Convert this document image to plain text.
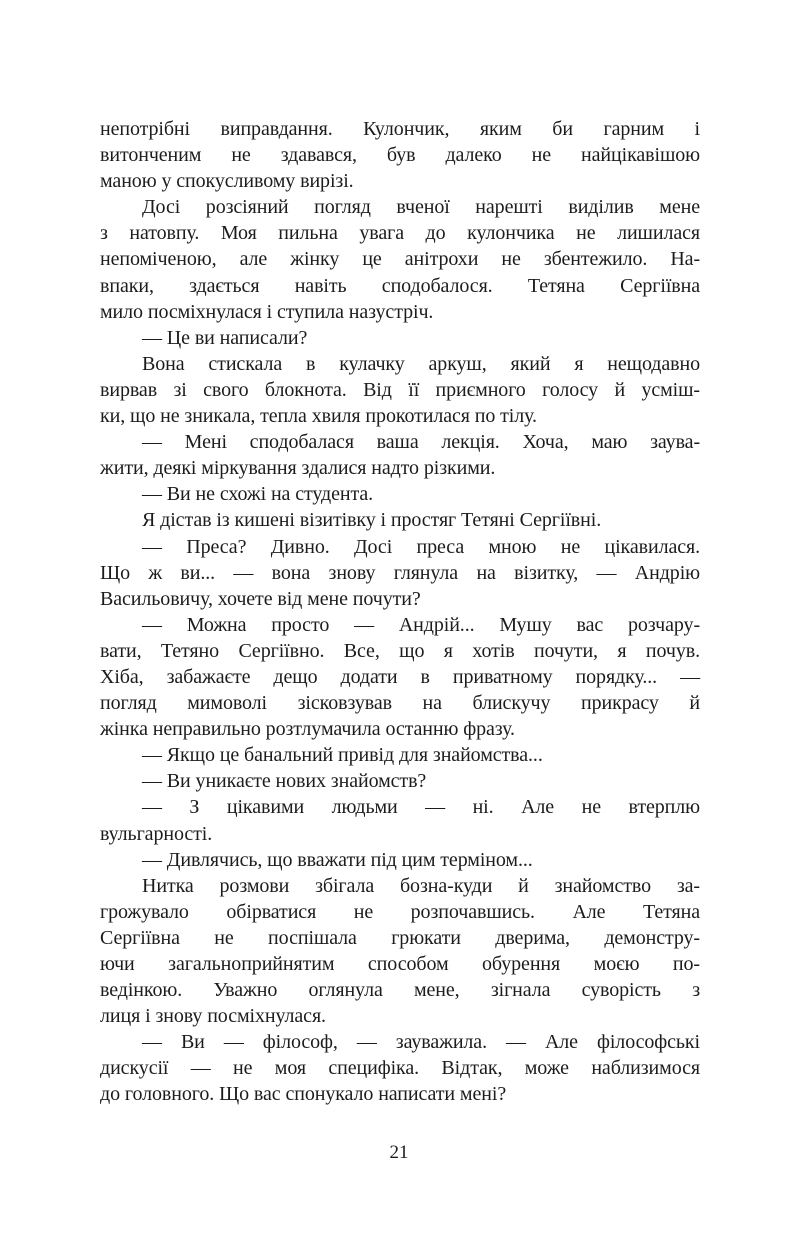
непотрібні виправдання. Кулончик, яким би гарним і
витонченим не здавався, був далеко не найцікавішою
маною у спокусливому вирізі.
Досі розсіяний погляд вченої нарешті виділив мене
з натовпу. Моя пильна увага до кулончика не лишилася
непоміченою, але жінку це анітрохи не збентежило. На-
впаки, здається навіть сподобалося. Тетяна Сергіївна
мило посміхнулася і ступила назустріч.
— Це ви написали?
Вона стискала в кулачку аркуш, який я нещодавно
вирвав зі свого блокнота. Від її приємного голосу й усміш-
ки, що не зникала, тепла хвиля прокотилася по тілу.
— Мені сподобалася ваша лекція. Хоча, маю заува-
жити, деякі міркування здалися надто різкими.
— Ви не схожі на студента.
Я дістав із кишені візитівку і простяг Тетяні Сергіївні.
— Преса? Дивно. Досі преса мною не цікавилася.
Що ж ви... — вона знову глянула на візитку, — Андрію
Васильовичу, хочете від мене почути?
— Можна просто — Андрій... Мушу вас розчару-
вати, Тетяно Сергіївно. Все, що я хотів почути, я почув.
Хіба, забажаєте дещо додати в приватному порядку... —
погляд мимоволі зісковзував на блискучу прикрасу й
жінка неправильно розтлумачила останню фразу.
— Якщо це банальний привід для знайомства...
— Ви уникаєте нових знайомств?
— З цікавими людьми — ні. Але не втерплю
вульгарності.
— Дивлячись, що вважати під цим терміном...
Нитка розмови збігала бозна-куди й знайомство за-
грожувало обірватися не розпочавшись. Але Тетяна
Сергіївна не поспішала грюкати дверима, демонстру-
ючи загальноприйнятим способом обурення моєю по-
ведінкою. Уважно оглянула мене, зігнала суворість з
лиця і знову посміхнулася.
— Ви — філософ, — зауважила. — Але філософські
дискусії — не моя специфіка. Відтак, може наблизимося
до головного. Що вас спонукало написати мені?
21
